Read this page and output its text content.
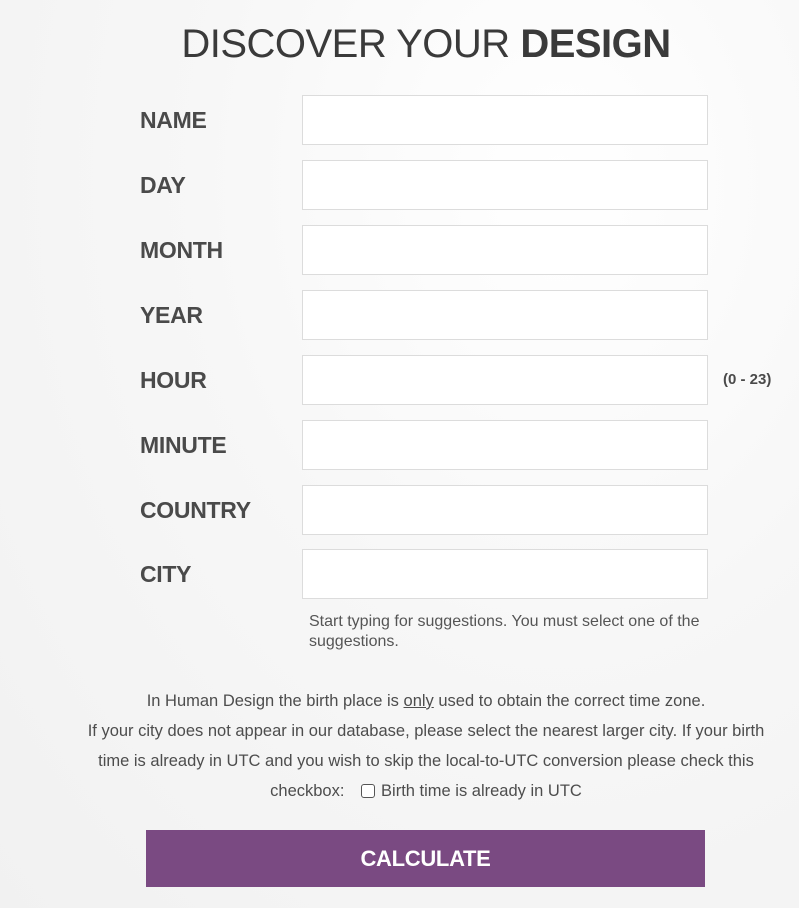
DISCOVER YOUR DESIGN
NAME
DAY
MONTH
YEAR
HOUR	(0 - 23)
MINUTE
COUNTRY
CITY
Start typing for suggestions. You must select one of the suggestions.
In Human Design the birth place is only used to obtain the correct time zone.
If your city does not appear in our database, please select the nearest larger city. If your birth time is already in UTC and you wish to skip the local-to-UTC conversion please check this checkbox: Birth time is already in UTC
CALCULATE
